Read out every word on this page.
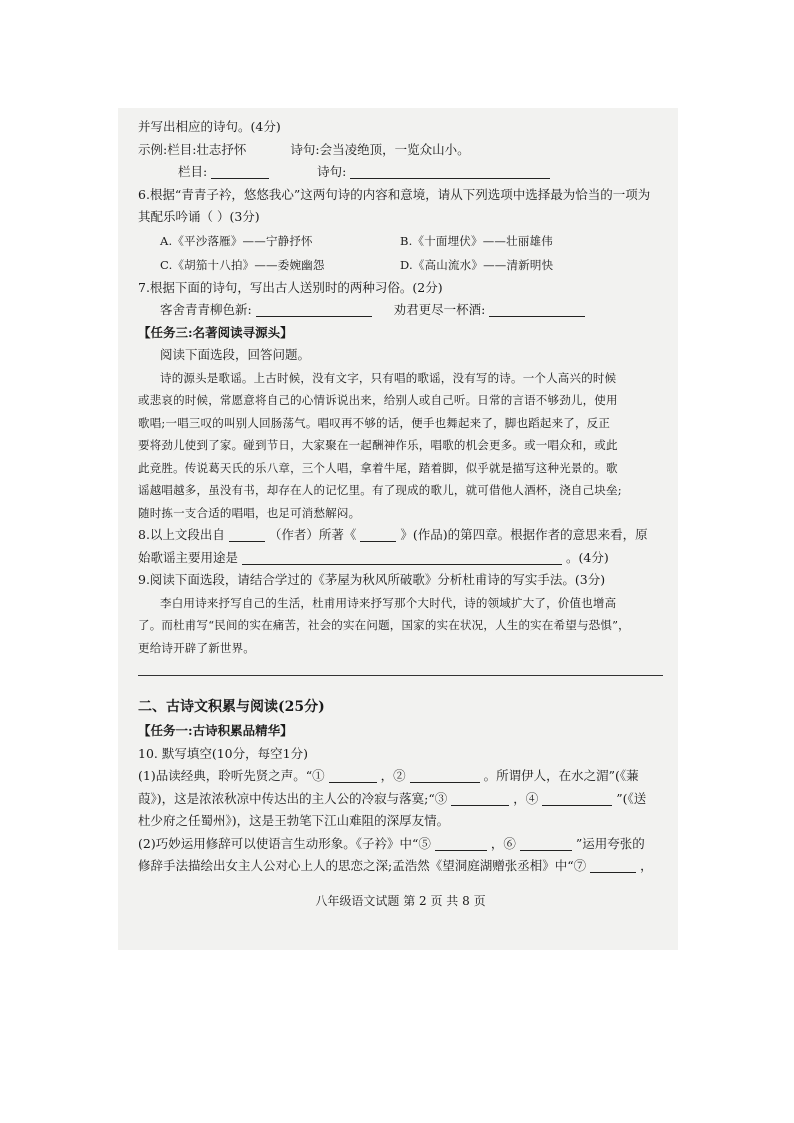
并写出相应的诗句。(4分)
示例:栏目:壮志抒怀	诗句:会当凌绝顶，一览众山小。
栏目:	诗句:
6.根据“青青子衿，悠悠我心”这两句诗的内容和意境，请从下列选项中选择最为恰当的一项为
其配乐吟诵（ ）(3分)
A.《平沙落雁》——宁静抒怀	B.《十面埋伏》——壮丽雄伟
C.《胡笳十八拍》——委婉幽怨	D.《高山流水》——清新明快
7.根据下面的诗句，写出古人送别时的两种习俗。(2分)
客舍青青柳色新:	劝君更尽一杯酒:
【任务三:名著阅读寻源头】
阅读下面选段，回答问题。
诗的源头是歌谣。上古时候，没有文字，只有唱的歌谣，没有写的诗。一个人高兴的时候
或悲哀的时候，常愿意将自己的心情诉说出来，给别人或自己听。日常的言语不够劲儿，使用
歌唱;一唱三叹的叫别人回肠荡气。唱叹再不够的话，便手也舞起来了，脚也蹈起来了，反正
要将劲儿使到了家。碰到节日，大家聚在一起酬神作乐，唱歌的机会更多。或一唱众和，或此
此竞胜。传说葛天氏的乐八章，三个人唱，拿着牛尾，踏着脚，似乎就是描写这种光景的。歌
谣越唱越多，虽没有书，却存在人的记忆里。有了现成的歌儿，就可借他人酒杯，浇自己块垒;
随时拣一支合适的唱唱，也足可消愁解闷。
8.以上文段出自	（作者）所著《	》(作品)的第四章。根据作者的意思来看，原
始歌谣主要用途是	。(4分)
9.阅读下面选段，请结合学过的《茅屋为秋风所破歌》分析杜甫诗的写实手法。(3分)
李白用诗来抒写自己的生活，杜甫用诗来抒写那个大时代，诗的领域扩大了，价值也增高
了。而杜甫写“民间的实在痛苦，社会的实在问题，国家的实在状况，人生的实在希望与恐惧”，
更给诗开辟了新世界。
二、古诗文积累与阅读(25分)
【任务一:古诗积累品精华】
10. 默写填空(10分，每空1分)
(1)品读经典，聆听先贤之声。“①	，②	。所谓伊人，在水之湄”(《蒹
葭》)，这是浓浓秋凉中传达出的主人公的冷寂与落寞;“③	，④	”(《送
杜少府之任蜀州》)，这是王勃笔下江山难阻的深厚友情。
(2)巧妙运用修辞可以使语言生动形象。《子衿》中“⑤	，⑥	”运用夸张的
修辞手法描绘出女主人公对心上人的思恋之深;孟浩然《望洞庭湖赠张丞相》中“⑦	，
八年级语文试题 第 2 页 共 8 页
